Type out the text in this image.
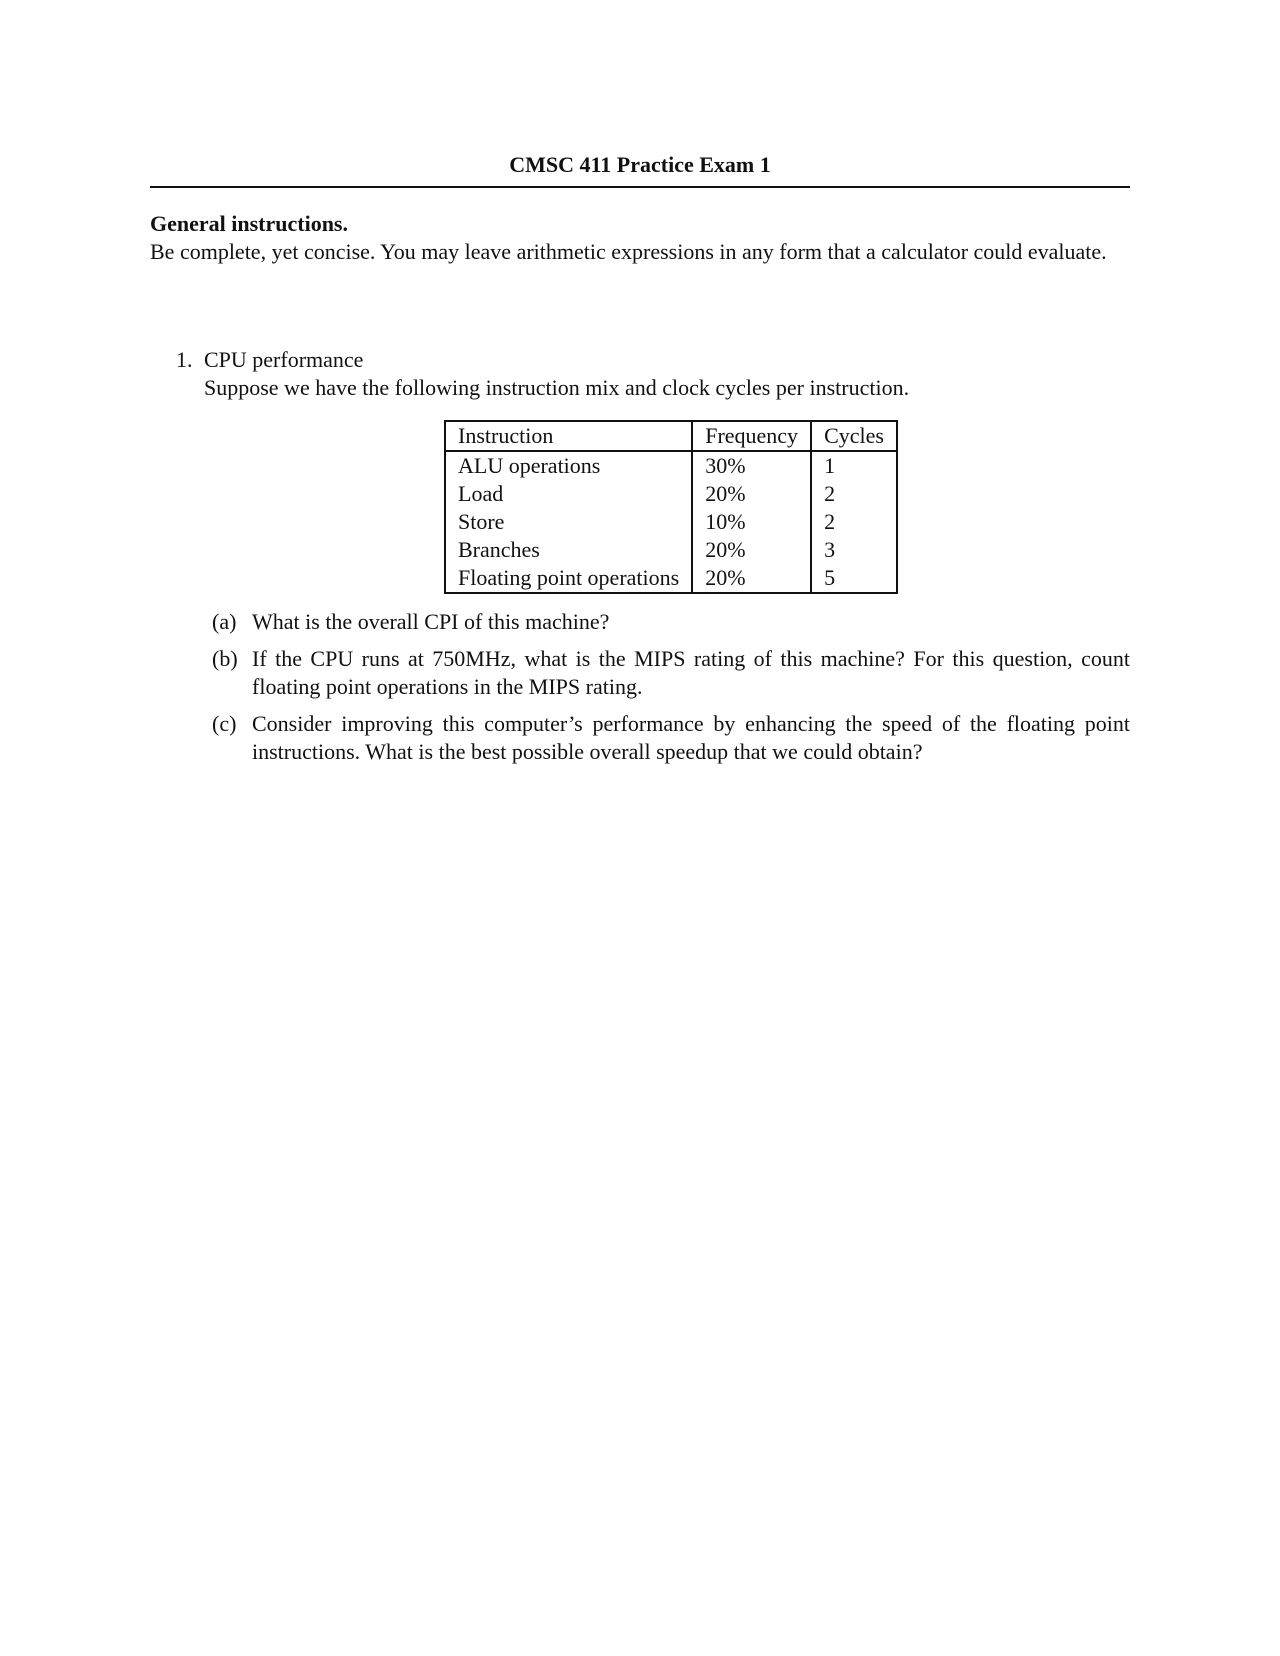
CMSC 411 Practice Exam 1
General instructions.
Be complete, yet concise. You may leave arithmetic expressions in any form that a calculator could evaluate.
1. CPU performance
Suppose we have the following instruction mix and clock cycles per instruction.
Instruction	Frequency	Cycles
ALU operations	30%	1
Load	20%	2
Store	10%	2
Branches	20%	3
Floating point operations	20%	5
(a) What is the overall CPI of this machine?
(b) If the CPU runs at 750MHz, what is the MIPS rating of this machine? For this question, count floating point operations in the MIPS rating.
(c) Consider improving this computer’s performance by enhancing the speed of the floating point instructions. What is the best possible overall speedup that we could obtain?
